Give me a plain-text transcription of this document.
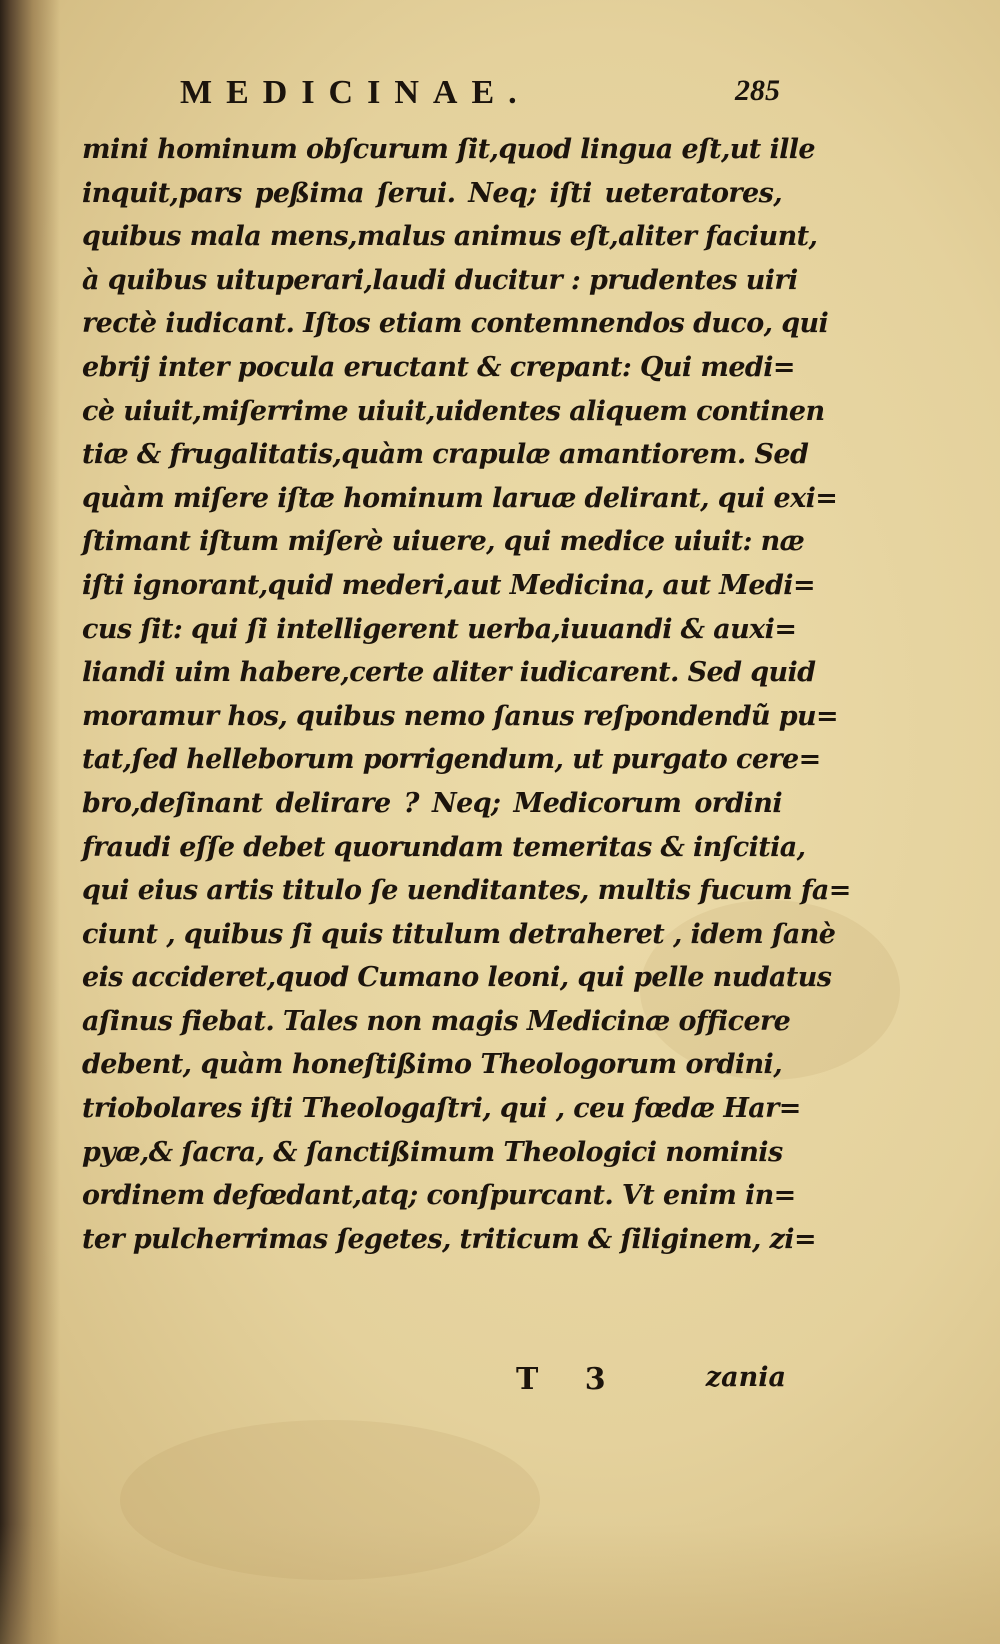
MEDICINAE.	285
mini hominum obſcurum ſit,quod lingua eſt,ut ille
inquit,pars peßima ſerui. Neq; iſti ueteratores,
quibus mala mens,malus animus eſt,aliter faciunt,
à quibus uituperari,laudi ducitur : prudentes uiri
rectè iudicant. Iſtos etiam contemnendos duco, qui
ebrij inter pocula eructant & crepant: Qui medi=
cè uiuit,miſerrime uiuit,uidentes aliquem continen
tiæ & frugalitatis,quàm crapulæ amantiorem. Sed
quàm miſere iſtæ hominum laruæ delirant, qui exi=
ſtimant iſtum miſerè uiuere, qui medice uiuit: næ
iſti ignorant,quid mederi,aut Medicina, aut Medi=
cus ſit: qui ſi intelligerent uerba,iuuandi & auxi=
liandi uim habere,certe aliter iudicarent. Sed quid
moramur hos, quibus nemo ſanus reſpondendũ pu=
tat,ſed helleborum porrigendum, ut purgato cere=
bro,deſinant delirare ? Neq; Medicorum ordini
fraudi eſſe debet quorundam temeritas & inſcitia,
qui eius artis titulo ſe uenditantes, multis fucum fa=
ciunt , quibus ſi quis titulum detraheret , idem ſanè
eis accideret,quod Cumano leoni, qui pelle nudatus
aſinus fiebat. Tales non magis Medicinæ officere
debent, quàm honeſtißimo Theologorum ordini,
triobolares iſti Theologaſtri, qui , ceu fœdæ Har=
pyæ,& ſacra, & ſanctißimum Theologici nominis
ordinem defœdant,atq; conſpurcant. Vt enim in=
ter pulcherrimas ſegetes, triticum & ſiliginem, zi=
T 3	zania
